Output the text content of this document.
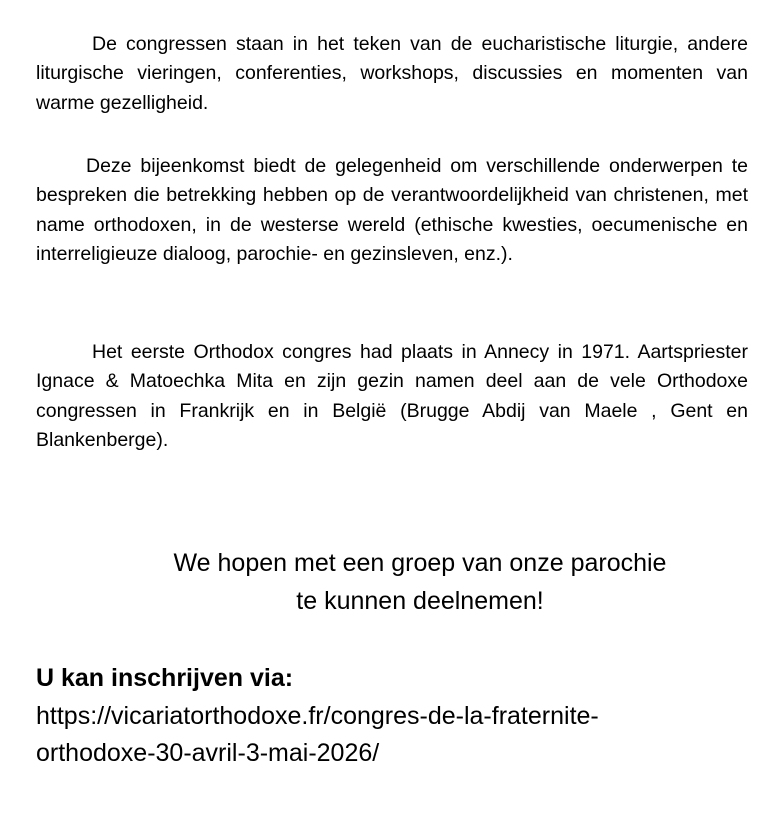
De congressen staan in het teken van de eucharistische liturgie, andere liturgische vieringen, conferenties, workshops, discussies en momenten van warme gezelligheid.

Deze bijeenkomst biedt de gelegenheid om verschillende onderwerpen te bespreken die betrekking hebben op de verantwoordelijkheid van christenen, met name orthodoxen, in de westerse wereld (ethische kwesties, oecumenische en interreligieuze dialoog, parochie- en gezinsleven, enz.).

Het eerste Orthodox congres had plaats in Annecy in 1971. Aartspriester Ignace & Matoechka Mita en zijn gezin namen deel aan de vele Orthodoxe congressen in Frankrijk en in België (Brugge Abdij van Maele , Gent en Blankenberge).

We hopen met een groep van onze parochie
te kunnen deelnemen!

U kan inschrijven via:

https://vicariatorthodoxe.fr/congres-de-la-fraternite-
orthodoxe-30-avril-3-mai-2026/
